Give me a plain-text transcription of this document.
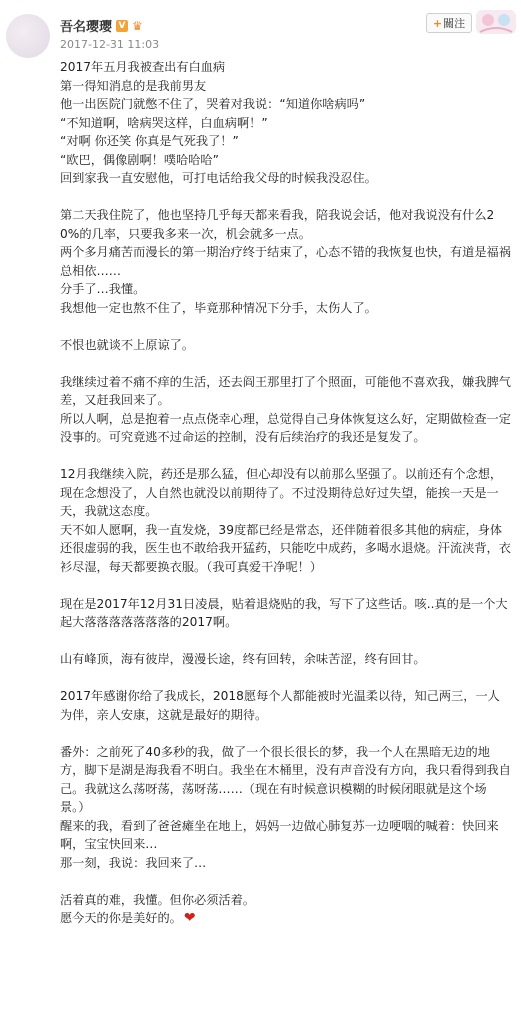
吾名璎璎 V ♛
2017-12-31 11:03
+ 關注
2017年五月我被查出有白血病
第一得知消息的是我前男友
他一出医院门就憋不住了，哭着对我说：“知道你啥病吗”
“不知道啊，啥病哭这样，白血病啊！”
“对啊 你还笑 你真是气死我了！”
“欧巴，偶像剧啊！噗哈哈哈”
回到家我一直安慰他，可打电话给我父母的时候我没忍住。

第二天我住院了，他也坚持几乎每天都来看我，陪我说会话，他对我说没有什么20%的几率，只要我多来一次，机会就多一点。
两个多月痛苦而漫长的第一期治疗终于结束了，心态不错的我恢复也快，有道是福祸总相依……
分手了…我懂。
我想他一定也熬不住了，毕竟那种情况下分手，太伤人了。

不恨也就谈不上原谅了。

我继续过着不痛不痒的生活，还去阎王那里打了个照面，可能他不喜欢我，嫌我脾气差，又赶我回来了。
所以人啊，总是抱着一点点侥幸心理，总觉得自己身体恢复这么好，定期做检查一定没事的。可究竟逃不过命运的控制，没有后续治疗的我还是复发了。

12月我继续入院，药还是那么猛，但心却没有以前那么坚强了。以前还有个念想，现在念想没了，人自然也就没以前期待了。不过没期待总好过失望，能挨一天是一天，我就这态度。
天不如人愿啊，我一直发烧，39度都已经是常态，还伴随着很多其他的病症，身体还很虚弱的我，医生也不敢给我开猛药，只能吃中成药，多喝水退烧。汗流浃背，衣衫尽湿，每天都要换衣服。（我可真爱干净呢！）

现在是2017年12月31日凌晨，贴着退烧贴的我，写下了这些话。咳..真的是一个大起大落落落落落落落的2017啊。

山有峰顶，海有彼岸，漫漫长途，终有回转，余味苦涩，终有回甘。

2017年感谢你给了我成长，2018愿每个人都能被时光温柔以待，知己两三，一人为伴，亲人安康，这就是最好的期待。

番外：之前死了40多秒的我，做了一个很长很长的梦，我一个人在黑暗无边的地方，脚下是湖是海我看不明白。我坐在木桶里，没有声音没有方向，我只看得到我自己。我就这么荡呀荡，荡呀荡……（现在有时候意识模糊的时候闭眼就是这个场景。）
醒来的我，看到了爸爸瘫坐在地上，妈妈一边做心肺复苏一边哽咽的喊着：快回来啊，宝宝快回来…
那一刻，我说：我回来了…

活着真的难，我懂。但你必须活着。
愿今天的你是美好的。 ❤
